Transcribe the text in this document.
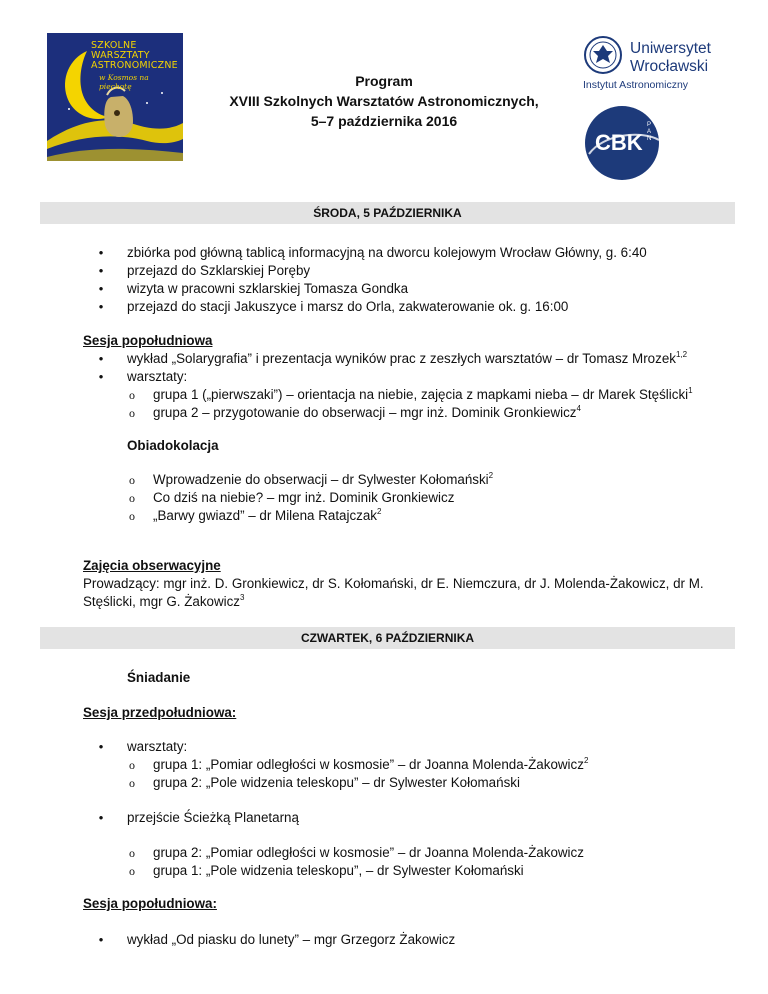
SZKOLNE
WARSZTATY
ASTRONOMICZNE
w Kosmos na piechotę	Program
XVIII Szkolnych Warsztatów Astronomicznych,
5–7 października 2016
Uniwersytet
Wrocławski
Instytut Astronomiczny
CBK
PAN
ŚRODA, 5 PAŹDZIERNIKA
• zbiórka pod główną tablicą informacyjną na dworcu kolejowym Wrocław Główny, g. 6:40
• przejazd do Szklarskiej Poręby
• wizyta w pracowni szklarskiej Tomasza Gondka
• przejazd do stacji Jakuszyce i marsz do Orla, zakwaterowanie ok. g. 16:00
Sesja popołudniowa
• wykład „Solarygrafia” i prezentacja wyników prac z zeszłych warsztatów – dr Tomasz Mrozek$^{1,2}$
• warsztaty:
o grupa 1 („pierwszaki”) – orientacja na niebie, zajęcia z mapkami nieba – dr Marek Stęślicki$^1$
o grupa 2 – przygotowanie do obserwacji – mgr inż. Dominik Gronkiewicz$^4$
Obiadokolacja
o Wprowadzenie do obserwacji – dr Sylwester Kołomański$^2$
o Co dziś na niebie? – mgr inż. Dominik Gronkiewicz
o „Barwy gwiazd” – dr Milena Ratajczak$^2$
Zajęcia obserwacyjne
Prowadzący: mgr inż. D. Gronkiewicz, dr S. Kołomański, dr E. Niemczura, dr J. Molenda-Żakowicz, dr M.
Stęślicki, mgr G. Żakowicz$^3$
CZWARTEK, 6 PAŹDZIERNIKA
Śniadanie
Sesja przedpołudniowa:
• warsztaty:
o grupa 1: „Pomiar odległości w kosmosie” – dr Joanna Molenda-Żakowicz$^2$
o grupa 2: „Pole widzenia teleskopu” – dr Sylwester Kołomański
• przejście Ścieżką Planetarną
o grupa 2: „Pomiar odległości w kosmosie” – dr Joanna Molenda-Żakowicz
o grupa 1: „Pole widzenia teleskopu”, – dr Sylwester Kołomański
Sesja popołudniowa:
• wykład „Od piasku do lunety” – mgr Grzegorz Żakowicz
